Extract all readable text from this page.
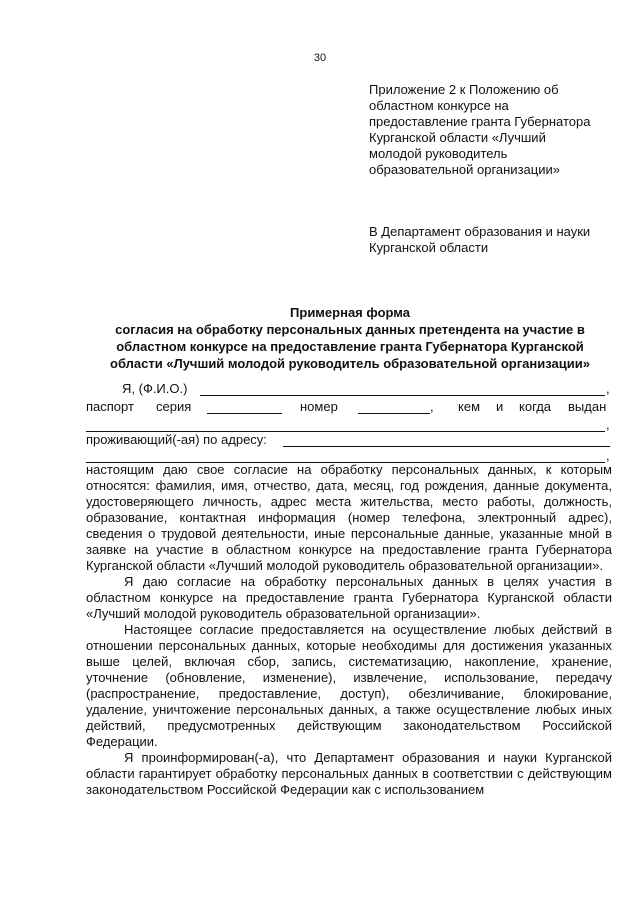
30
Приложение 2 к Положению об
областном конкурсе на
предоставление гранта Губернатора
Курганской области «Лучший
молодой руководитель
образовательной организации»
В Департамент образования и науки
Курганской области
Примерная форма
согласия на обработку персональных данных претендента на участие в
областном конкурсе на предоставление гранта Губернатора Курганской
области «Лучший молодой руководитель образовательной организации»
Я, (Ф.И.О.)	,
паспорт серия	номер	, кем и когда выдан
,
проживающий(-ая) по адресу:
,

настоящим даю свое согласие на обработку персональных данных, к которым относятся: фамилия, имя, отчество, дата, месяц, год рождения, данные документа, удостоверяющего личность, адрес места жительства, место работы, должность, образование, контактная информация (номер телефона, электронный адрес), сведения о трудовой деятельности, иные персональные данные, указанные мной в заявке на участие в областном конкурсе на предоставление гранта Губернатора Курганской области «Лучший молодой руководитель образовательной организации».

Я даю согласие на обработку персональных данных в целях участия в областном конкурсе на предоставление гранта Губернатора Курганской области «Лучший молодой руководитель образовательной организации».

Настоящее согласие предоставляется на осуществление любых действий в отношении персональных данных, которые необходимы для достижения указанных выше целей, включая сбор, запись, систематизацию, накопление, хранение, уточнение (обновление, изменение), извлечение, использование, передачу (распространение, предоставление, доступ), обезличивание, блокирование, удаление, уничтожение персональных данных, а также осуществление любых иных действий, предусмотренных действующим законодательством Российской Федерации.

Я проинформирован(-а), что Департамент образования и науки Курганской области гарантирует обработку персональных данных в соответствии с действующим законодательством Российской Федерации как с использованием
